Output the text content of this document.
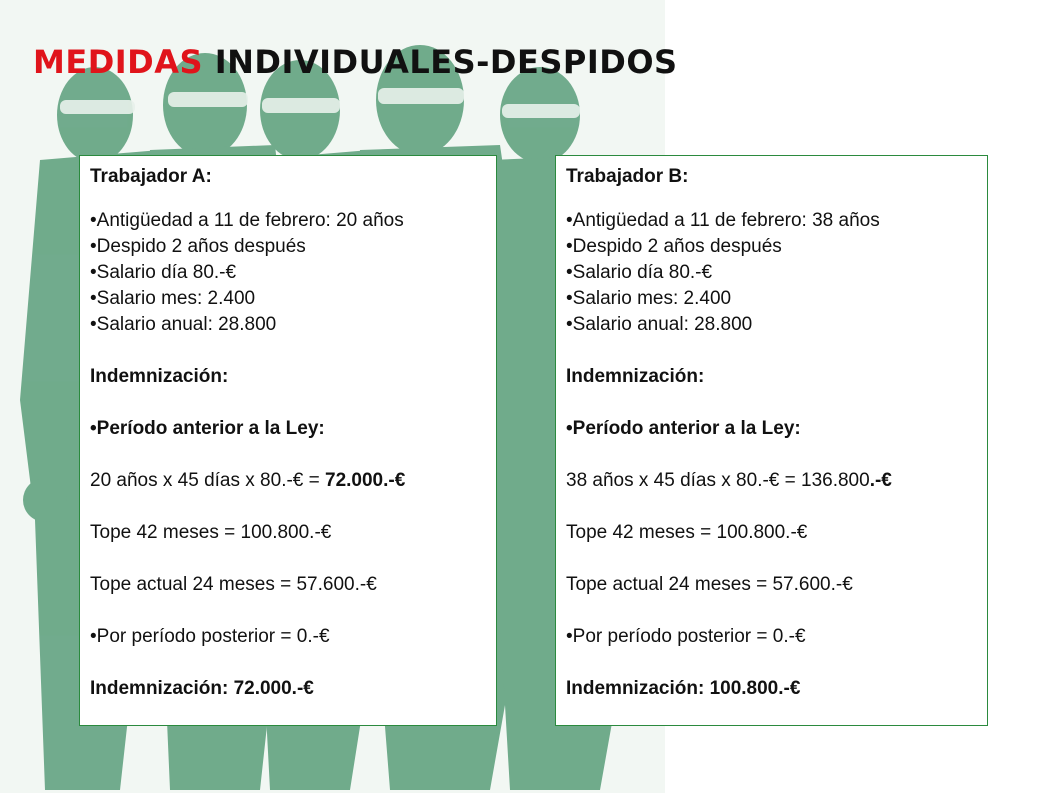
MEDIDAS INDIVIDUALES-DESPIDOS

Trabajador A:

•Antigüedad a 11 de febrero: 20 años

•Despido 2 años después

•Salario día 80.-€

•Salario mes: 2.400

•Salario anual: 28.800

Indemnización:

•Período anterior a la Ley:

20 años x 45 días x 80.-€ = 72.000.-€

Tope 42 meses = 100.800.-€

Tope actual 24 meses = 57.600.-€

•Por período posterior = 0.-€

Indemnización: 72.000.-€

Trabajador B:

•Antigüedad a 11 de febrero: 38 años

•Despido 2 años después

•Salario día 80.-€

•Salario mes: 2.400

•Salario anual: 28.800

Indemnización:

•Período anterior a la Ley:

38 años x 45 días x 80.-€ = 136.800.-€

Tope 42 meses = 100.800.-€

Tope actual 24 meses = 57.600.-€

•Por período posterior = 0.-€

Indemnización: 100.800.-€
